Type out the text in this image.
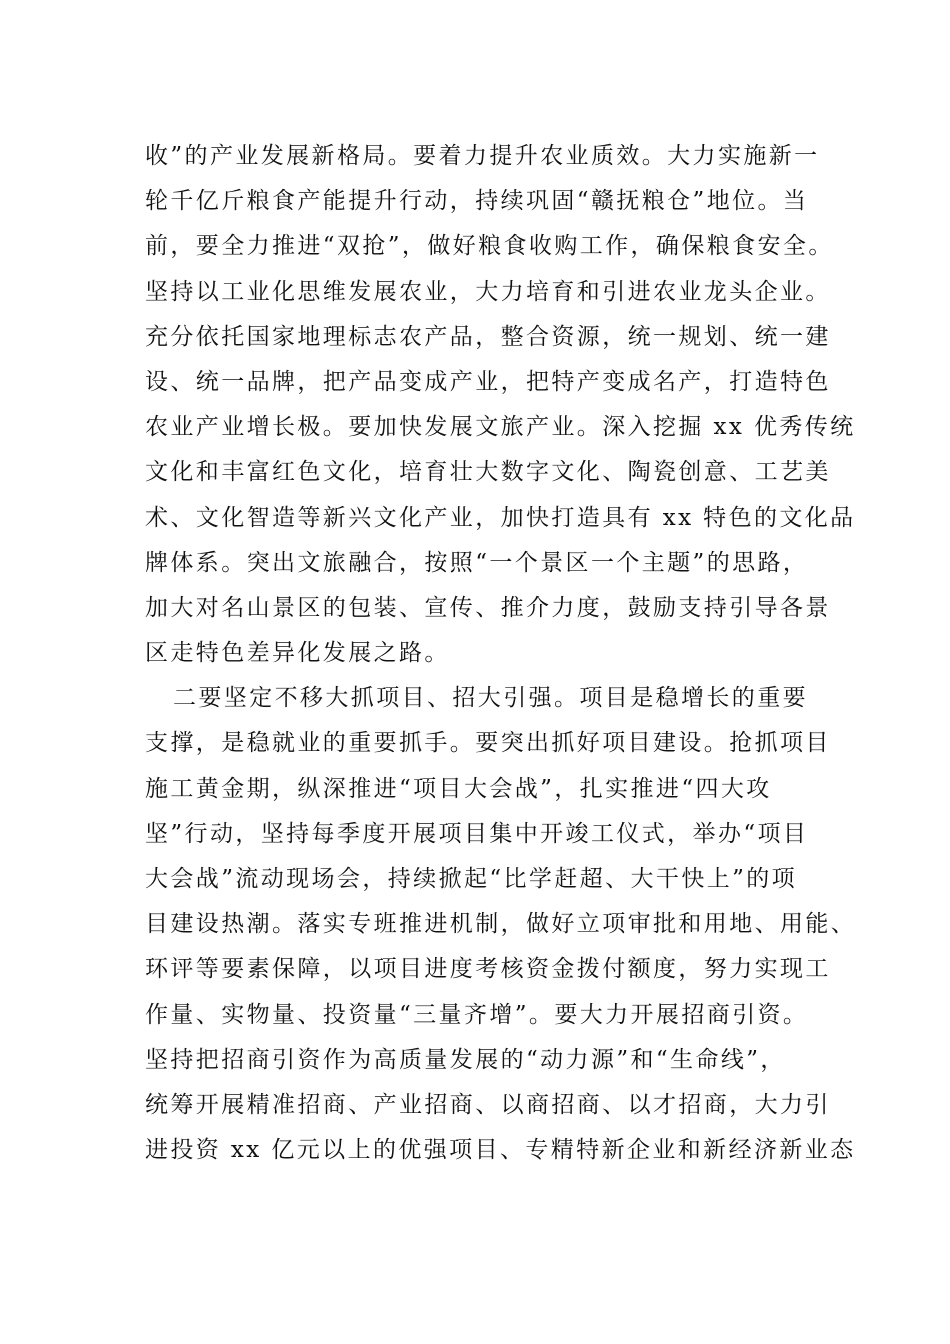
收”的产业发展新格局。要着力提升农业质效。大力实施新一
轮千亿斤粮食产能提升行动，持续巩固“赣抚粮仓”地位。当
前，要全力推进“双抢”，做好粮食收购工作，确保粮食安全。
坚持以工业化思维发展农业，大力培育和引进农业龙头企业。
充分依托国家地理标志农产品，整合资源，统一规划、统一建
设、统一品牌，把产品变成产业，把特产变成名产，打造特色
农业产业增长极。要加快发展文旅产业。深入挖掘 xx 优秀传统
文化和丰富红色文化，培育壮大数字文化、陶瓷创意、工艺美
术、文化智造等新兴文化产业，加快打造具有 xx 特色的文化品
牌体系。突出文旅融合，按照“一个景区一个主题”的思路，
加大对名山景区的包装、宣传、推介力度，鼓励支持引导各景
区走特色差异化发展之路。
二要坚定不移大抓项目、招大引强。项目是稳增长的重要
支撑，是稳就业的重要抓手。要突出抓好项目建设。抢抓项目
施工黄金期，纵深推进“项目大会战”，扎实推进“四大攻
坚”行动，坚持每季度开展项目集中开竣工仪式，举办“项目
大会战”流动现场会，持续掀起“比学赶超、大干快上”的项
目建设热潮。落实专班推进机制，做好立项审批和用地、用能、
环评等要素保障，以项目进度考核资金拨付额度，努力实现工
作量、实物量、投资量“三量齐增”。要大力开展招商引资。
坚持把招商引资作为高质量发展的“动力源”和“生命线”，
统筹开展精准招商、产业招商、以商招商、以才招商，大力引
进投资 xx 亿元以上的优强项目、专精特新企业和新经济新业态
